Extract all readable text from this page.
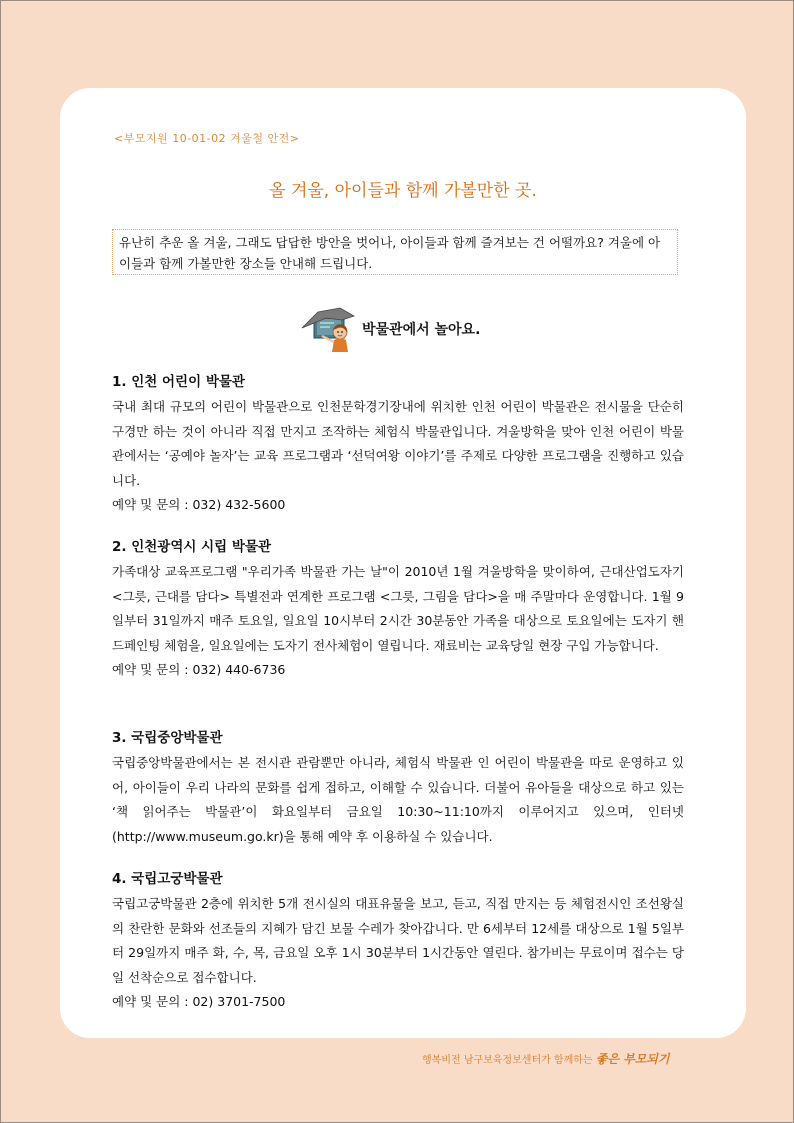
<부모지원 10-01-02 겨울철 안전>
올 겨울, 아이들과 함께 가볼만한 곳.
유난히 추운 올 겨울, 그래도 답답한 방안을 벗어나, 아이들과 함께 즐겨보는 건 어떨까요? 겨울에 아이들과 함께 가볼만한 장소들 안내해 드립니다.
박물관에서 놀아요.
1. 인천 어린이 박물관

국내 최대 규모의 어린이 박물관으로 인천문학경기장내에 위치한 인천 어린이 박물관은 전시물을 단순히 구경만 하는 것이 아니라 직접 만지고 조작하는 체험식 박물관입니다. 겨울방학을 맞아 인천 어린이 박물관에서는 ‘공예야 놀자’는 교육 프로그램과 ‘선덕여왕 이야기’를 주제로 다양한 프로그램을 진행하고 있습니다.

예약 및 문의 : 032) 432-5600
2. 인천광역시 시립 박물관

가족대상 교육프로그램 "우리가족 박물관 가는 날"이 2010년 1월 겨울방학을 맞이하여, 근대산업도자기 <그릇, 근대를 담다> 특별전과 연계한 프로그램 <그릇, 그림을 담다>을 매 주말마다 운영합니다. 1월 9일부터 31일까지 매주 토요일, 일요일 10시부터 2시간 30분동안 가족을 대상으로 토요일에는 도자기 핸드페인팅 체험을, 일요일에는 도자기 전사체험이 열립니다. 재료비는 교육당일 현장 구입 가능합니다.

예약 및 문의 : 032) 440-6736
3. 국립중앙박물관

국립중앙박물관에서는 본 전시관 관람뿐만 아니라, 체험식 박물관 인 어린이 박물관을 따로 운영하고 있어, 아이들이 우리 나라의 문화를 쉽게 접하고, 이해할 수 있습니다. 더불어 유아들을 대상으로 하고 있는 ‘책 읽어주는 박물관’이 화요일부터 금요일 10:30~11:10까지 이루어지고 있으며, 인터넷(http://www.museum.go.kr)을 통해 예약 후 이용하실 수 있습니다.

4. 국립고궁박물관

국립고궁박물관 2층에 위치한 5개 전시실의 대표유물을 보고, 듣고, 직접 만지는 등 체험전시인 조선왕실의 찬란한 문화와 선조들의 지혜가 담긴 보물 수레가 찾아갑니다. 만 6세부터 12세를 대상으로 1월 5일부터 29일까지 매주 화, 수, 목, 금요일 오후 1시 30분부터 1시간동안 열린다. 참가비는 무료이며 접수는 당일 선착순으로 접수합니다.

예약 및 문의 : 02) 3701-7500
행복비전 남구보육정보센터가 함께하는 좋은 부모되기
